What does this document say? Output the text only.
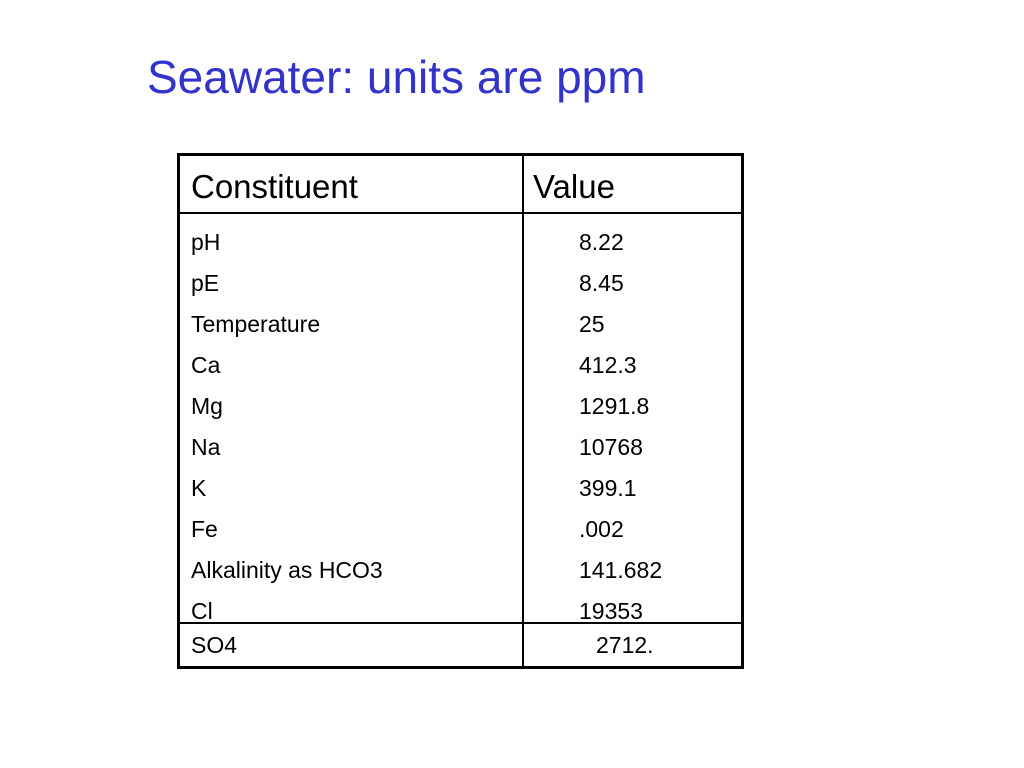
Seawater: units are ppm
Constituent	Value
pH
pE
Temperature
Ca
Mg
Na
K
Fe
Alkalinity as HCO3
Cl
8.22
8.45
25
412.3
1291.8
10768
399.1
.002
141.682
19353
SO4	2712.
